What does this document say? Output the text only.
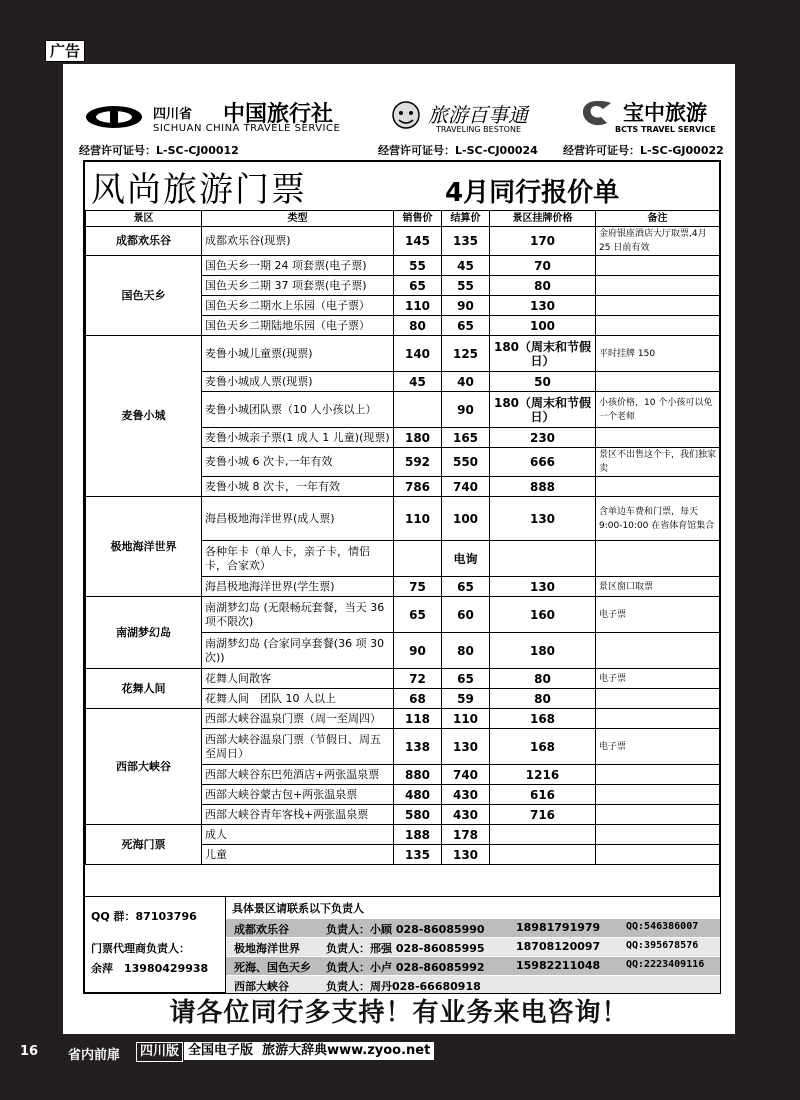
广告
四川省 中国旅行社
SICHUAN CHINA TRAVELE SERVICE
旅游百事通
TRAVELING BESTONE
宝中旅游
BCTS TRAVEL SERVICE
经营许可证号：L-SC-CJ00012	经营许可证号：L-SC-CJ00024 经营许可证号：L-SC-GJ00022
风尚旅游门票	4月同行报价单
景区	类型	销售价	结算价	景区挂牌价格	备注
成都欢乐谷	成都欢乐谷(现票)	145	135	170	金府银座酒店大厅取票,4月 25 日前有效
国色天乡	国色天乡一期 24 项套票(电子票)	55	45	70	
	国色天乡二期 37 项套票(电子票)	65	55	80	
	国色天乡二期水上乐园（电子票）	110	90	130	
	国色天乡二期陆地乐园（电子票）	80	65	100	
麦鲁小城	麦鲁小城儿童票(现票)	140	125	180（周末和节假日）	平时挂牌 150
	麦鲁小城成人票(现票)	45	40	50	
	麦鲁小城团队票（10 人小孩以上）		90	180（周末和节假日）	小孩价格，10 个小孩可以免一个老师
	麦鲁小城亲子票(1 成人 1 儿童)(现票)	180	165	230	
	麦鲁小城 6 次卡,一年有效	592	550	666	景区不出售这个卡，我们独家卖
	麦鲁小城 8 次卡，一年有效	786	740	888	
极地海洋世界	海昌极地海洋世界(成人票)	110	100	130	含单边车费和门票，每天 9:00-10:00 在省体育馆集合
	各种年卡（单人卡，亲子卡，情侣卡，合家欢）		电询		
	海昌极地海洋世界(学生票)	75	65	130	景区窗口取票
南湖梦幻岛	南湖梦幻岛 (无限畅玩套餐，当天 36 项不限次)	65	60	160	电子票
	南湖梦幻岛 (合家同享套餐(36 项 30 次))	90	80	180	
花舞人间	花舞人间散客	72	65	80	电子票
	花舞人间　团队 10 人以上	68	59	80	
西部大峡谷	西部大峡谷温泉门票（周一至周四）	118	110	168	
	西部大峡谷温泉门票（节假日、周五至周日）	138	130	168	电子票
	西部大峡谷东巴苑酒店+两张温泉票	880	740	1216	
	西部大峡谷蒙古包+两张温泉票	480	430	616	
	西部大峡谷青年客栈+两张温泉票	580	430	716	
死海门票	成人	188	178		
	儿童	135	130		
QQ 群：87103796
门票代理商负责人：
余萍　13980429938
具体景区请联系以下负责人
成都欢乐谷	负责人：小顾 028-86085990	18981791979	QQ:546386007
极地海洋世界 负责人：邢强 028-86085995	18708120097	QQ:395678576
死海、国色天乡 负责人：小卢 028-86085992	15982211048	QQ:2223409116
西部大峡谷	负责人：周丹028-66680918
请各位同行多支持！有业务来电咨询！
16 省内前扉	四川版 全国电子版 旅游大辞典www.zyoo.net
